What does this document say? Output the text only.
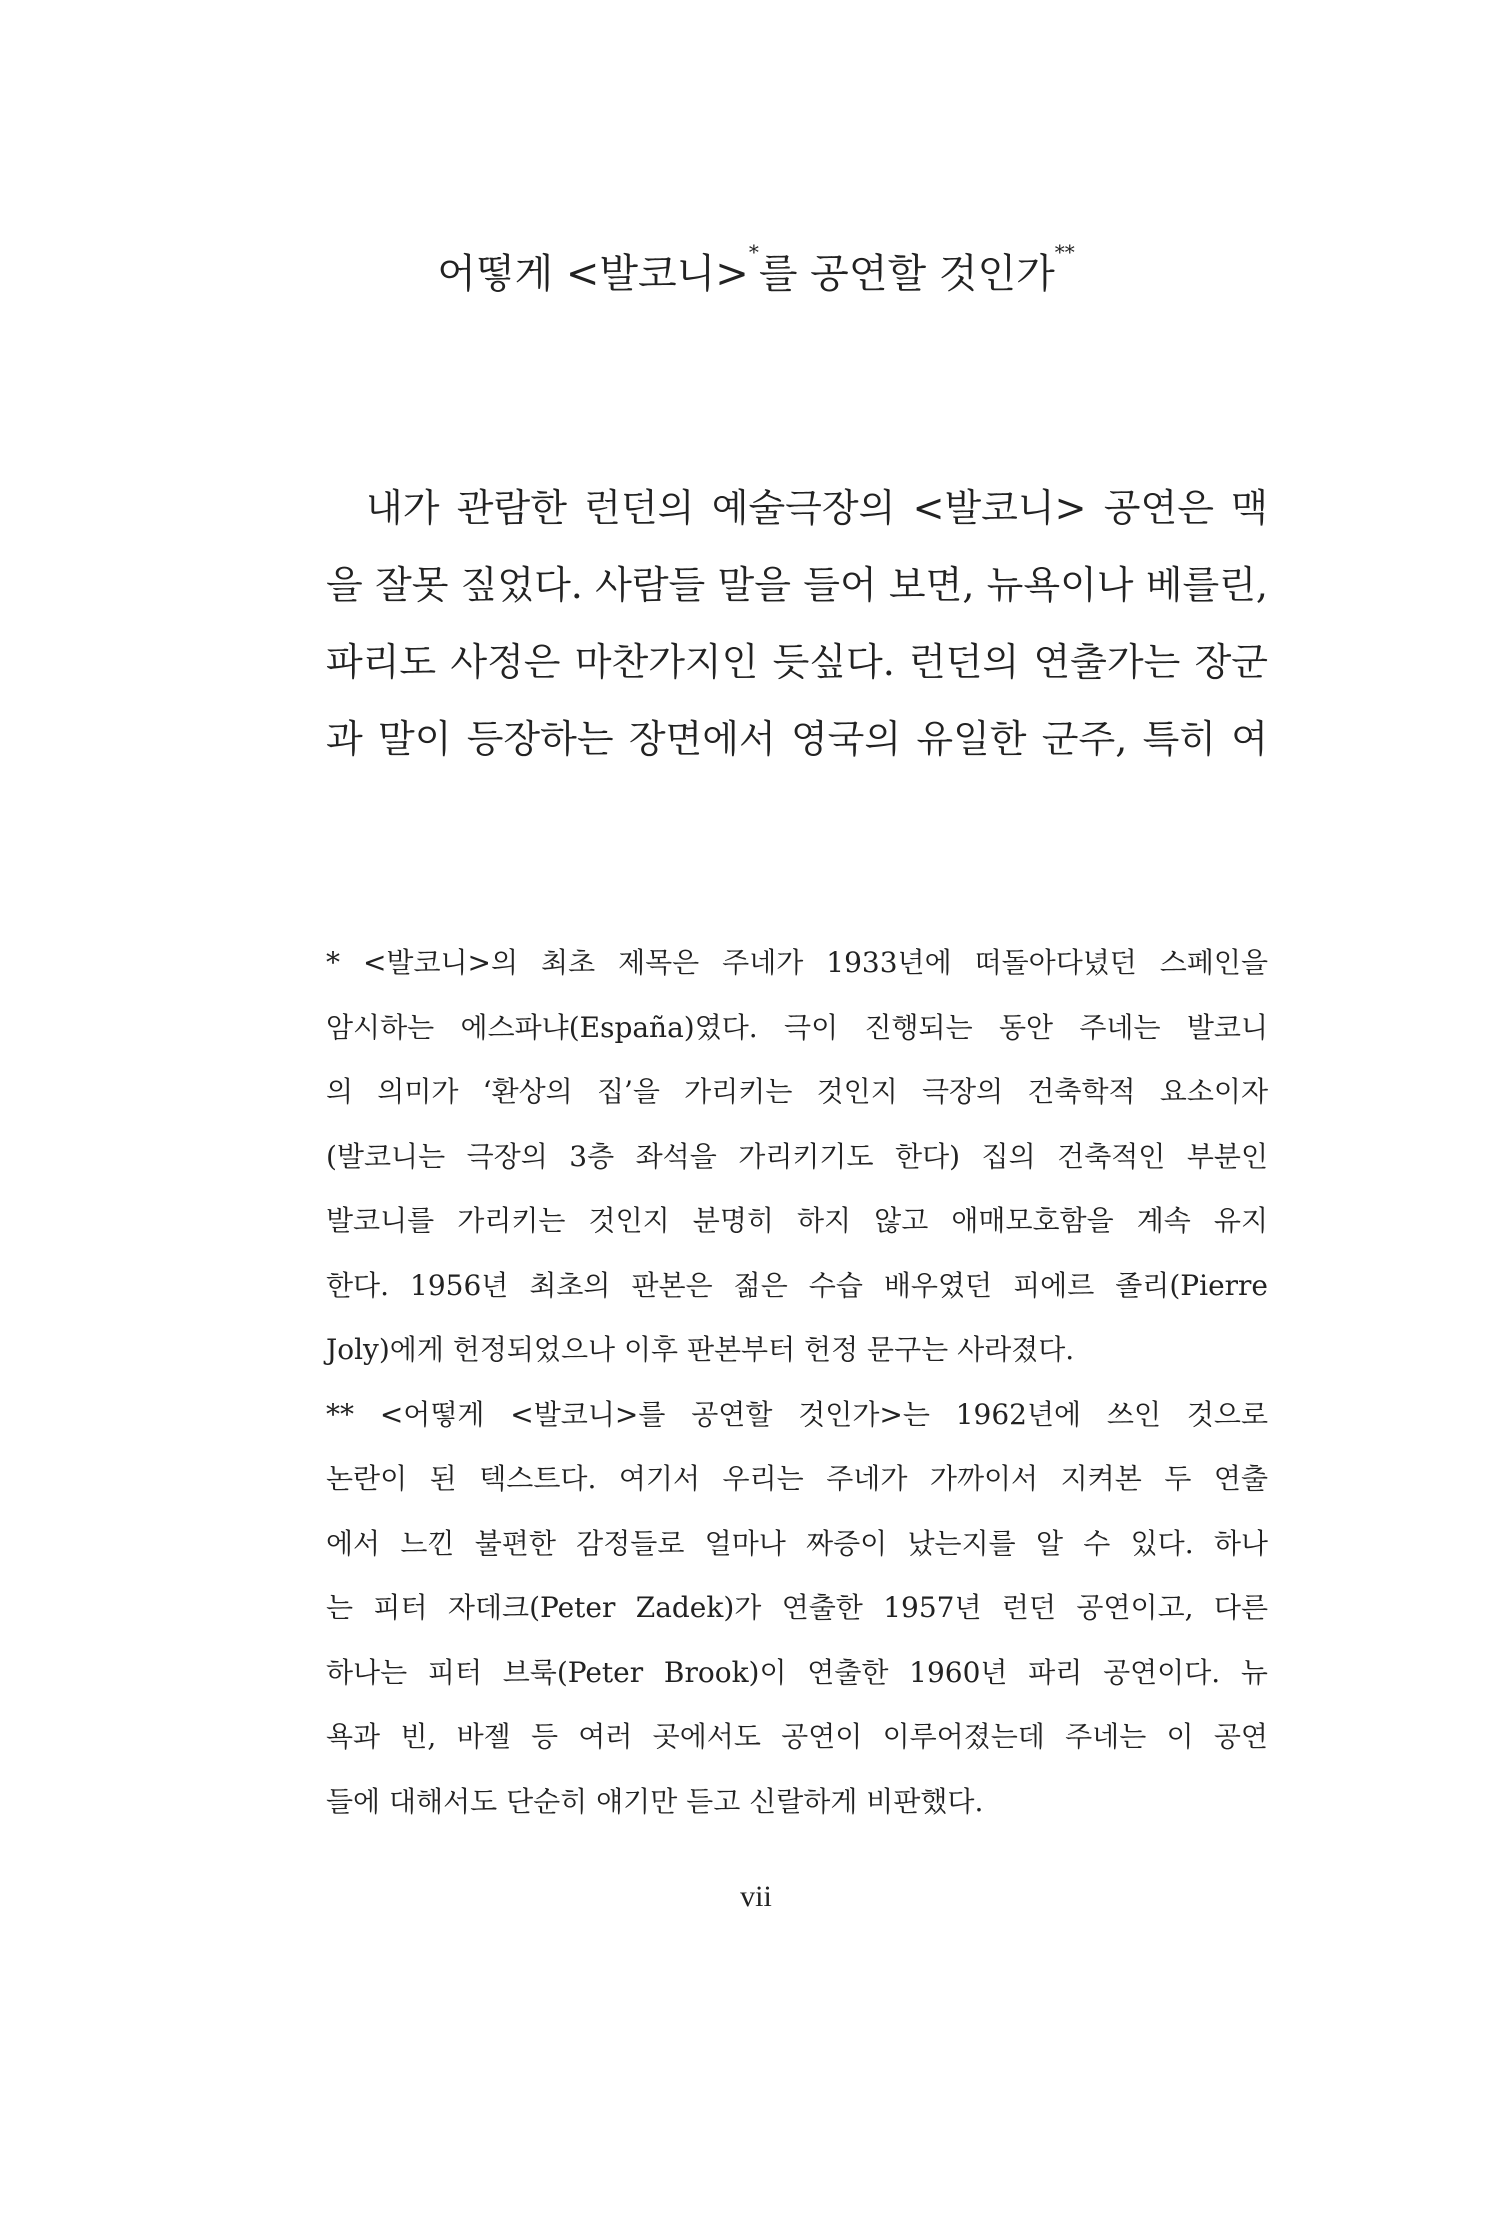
어떻게 <발코니>*를 공연할 것인가**
내가 관람한 런던의 예술극장의 <발코니> 공연은 맥
을 잘못 짚었다. 사람들 말을 들어 보면, 뉴욕이나 베를린,
파리도 사정은 마찬가지인 듯싶다. 런던의 연출가는 장군
과 말이 등장하는 장면에서 영국의 유일한 군주, 특히 여
* <발코니>의 최초 제목은 주네가 1933년에 떠돌아다녔던 스페인을
암시하는 에스파냐(España)였다. 극이 진행되는 동안 주네는 발코니
의 의미가 ‘환상의 집’을 가리키는 것인지 극장의 건축학적 요소이자
(발코니는 극장의 3층 좌석을 가리키기도 한다) 집의 건축적인 부분인
발코니를 가리키는 것인지 분명히 하지 않고 애매모호함을 계속 유지
한다. 1956년 최초의 판본은 젊은 수습 배우였던 피에르 졸리(Pierre
Joly)에게 헌정되었으나 이후 판본부터 헌정 문구는 사라졌다.
** <어떻게 <발코니>를 공연할 것인가>는 1962년에 쓰인 것으로
논란이 된 텍스트다. 여기서 우리는 주네가 가까이서 지켜본 두 연출
에서 느낀 불편한 감정들로 얼마나 짜증이 났는지를 알 수 있다. 하나
는 피터 자데크(Peter Zadek)가 연출한 1957년 런던 공연이고, 다른
하나는 피터 브룩(Peter Brook)이 연출한 1960년 파리 공연이다. 뉴
욕과 빈, 바젤 등 여러 곳에서도 공연이 이루어졌는데 주네는 이 공연
들에 대해서도 단순히 얘기만 듣고 신랄하게 비판했다.
vii
